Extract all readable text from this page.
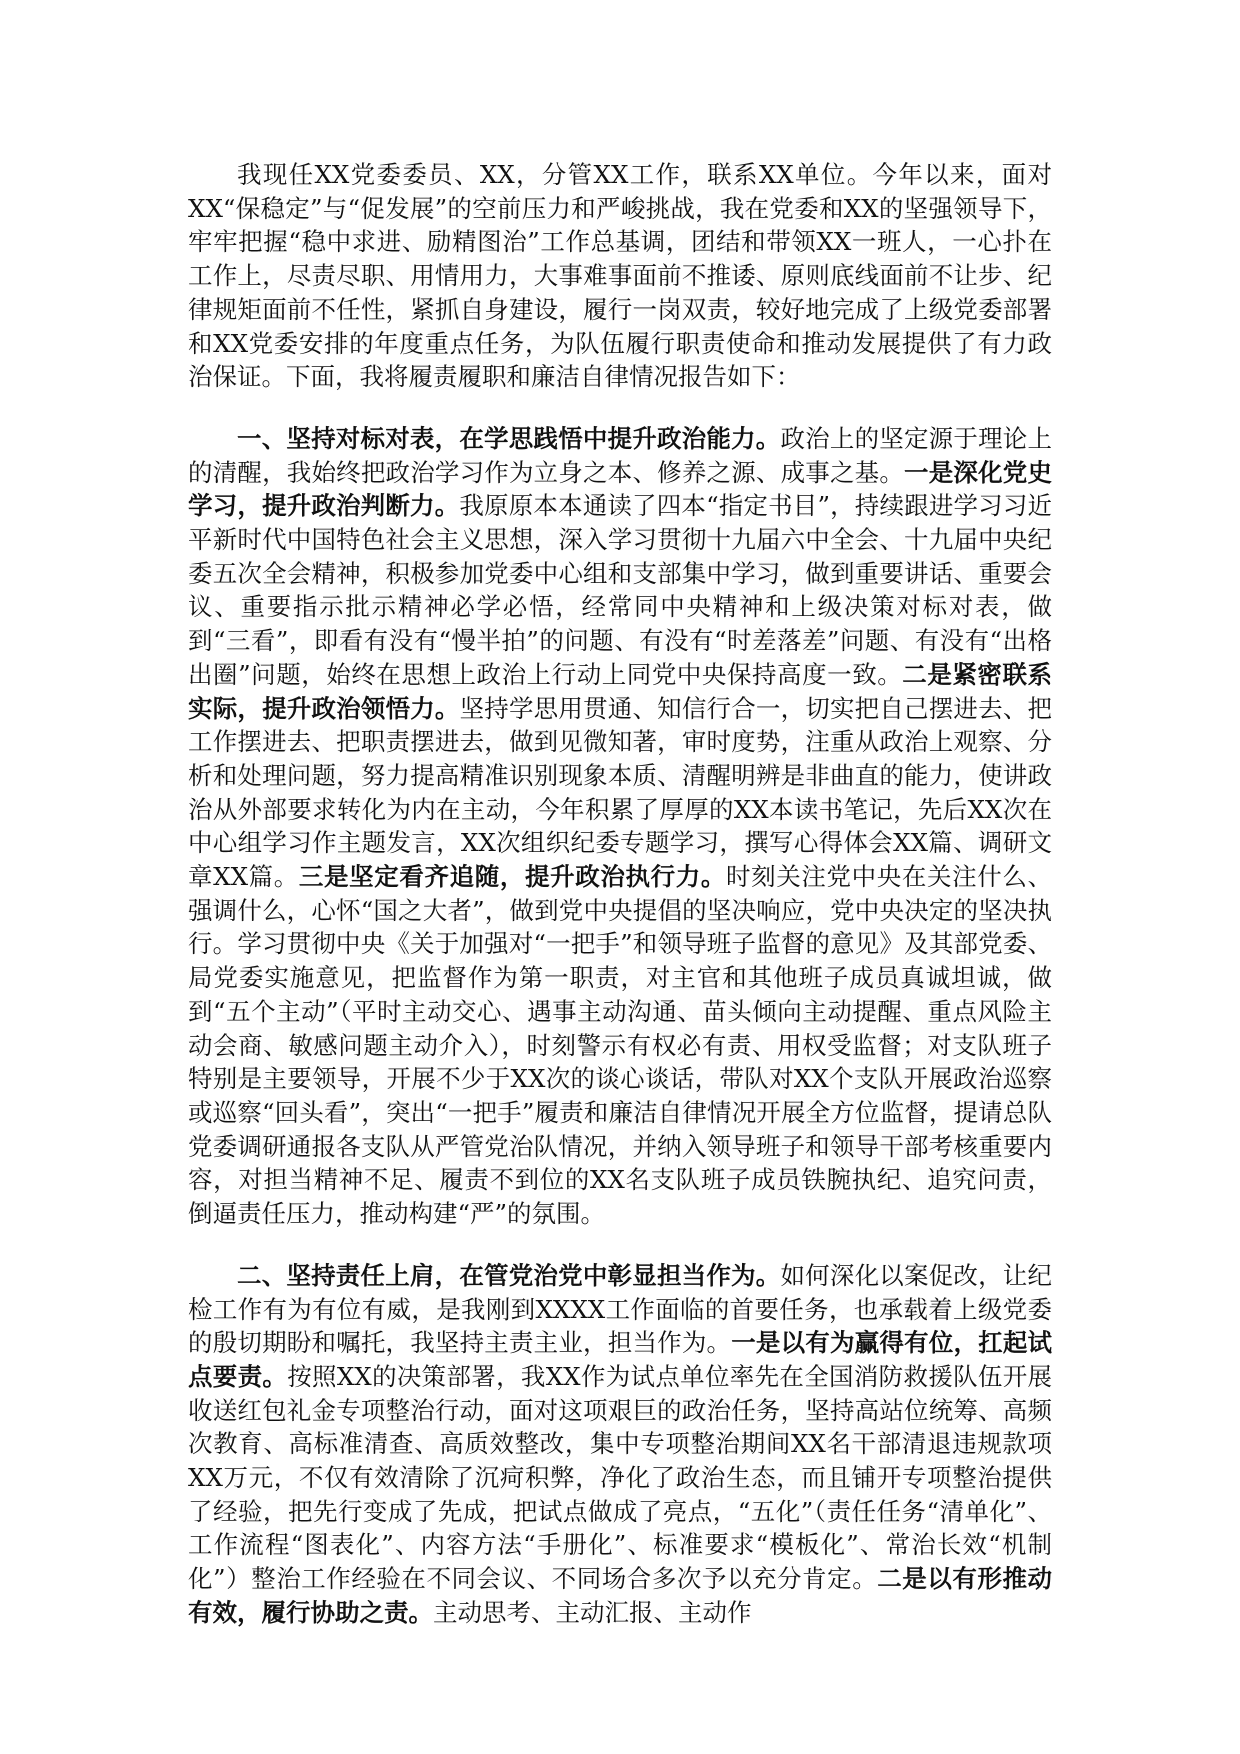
我现任XX党委委员、XX，分管XX工作，联系XX单位。今年以来，面对XX“保稳定”与“促发展”的空前压力和严峻挑战，我在党委和XX的坚强领导下，牢牢把握“稳中求进、励精图治”工作总基调，团结和带领XX一班人，一心扑在工作上，尽责尽职、用情用力，大事难事面前不推诿、原则底线面前不让步、纪律规矩面前不任性，紧抓自身建设，履行一岗双责，较好地完成了上级党委部署和XX党委安排的年度重点任务，为队伍履行职责使命和推动发展提供了有力政治保证。下面，我将履责履职和廉洁自律情况报告如下：

一、坚持对标对表，在学思践悟中提升政治能力。政治上的坚定源于理论上的清醒，我始终把政治学习作为立身之本、修养之源、成事之基。一是深化党史学习，提升政治判断力。我原原本本通读了四本“指定书目”，持续跟进学习习近平新时代中国特色社会主义思想，深入学习贯彻十九届六中全会、十九届中央纪委五次全会精神，积极参加党委中心组和支部集中学习，做到重要讲话、重要会议、重要指示批示精神必学必悟，经常同中央精神和上级决策对标对表，做到“三看”，即看有没有“慢半拍”的问题、有没有“时差落差”问题、有没有“出格出圈”问题，始终在思想上政治上行动上同党中央保持高度一致。二是紧密联系实际，提升政治领悟力。坚持学思用贯通、知信行合一，切实把自己摆进去、把工作摆进去、把职责摆进去，做到见微知著，审时度势，注重从政治上观察、分析和处理问题，努力提高精准识别现象本质、清醒明辨是非曲直的能力，使讲政治从外部要求转化为内在主动，今年积累了厚厚的XX本读书笔记，先后XX次在中心组学习作主题发言，XX次组织纪委专题学习，撰写心得体会XX篇、调研文章XX篇。三是坚定看齐追随，提升政治执行力。时刻关注党中央在关注什么、强调什么，心怀“国之大者”，做到党中央提倡的坚决响应，党中央决定的坚决执行。学习贯彻中央《关于加强对“一把手”和领导班子监督的意见》及其部党委、局党委实施意见，把监督作为第一职责，对主官和其他班子成员真诚坦诚，做到“五个主动”（平时主动交心、遇事主动沟通、苗头倾向主动提醒、重点风险主动会商、敏感问题主动介入），时刻警示有权必有责、用权受监督；对支队班子特别是主要领导，开展不少于XX次的谈心谈话，带队对XX个支队开展政治巡察或巡察“回头看”，突出“一把手”履责和廉洁自律情况开展全方位监督，提请总队党委调研通报各支队从严管党治队情况，并纳入领导班子和领导干部考核重要内容，对担当精神不足、履责不到位的XX名支队班子成员铁腕执纪、追究问责，倒逼责任压力，推动构建“严”的氛围。

二、坚持责任上肩，在管党治党中彰显担当作为。如何深化以案促改，让纪检工作有为有位有威，是我刚到XXXX工作面临的首要任务，也承载着上级党委的殷切期盼和嘱托，我坚持主责主业，担当作为。一是以有为赢得有位，扛起试点要责。按照XX的决策部署，我XX作为试点单位率先在全国消防救援队伍开展收送红包礼金专项整治行动，面对这项艰巨的政治任务，坚持高站位统筹、高频次教育、高标准清查、高质效整改，集中专项整治期间XX名干部清退违规款项XX万元，不仅有效清除了沉疴积弊，净化了政治生态，而且铺开专项整治提供了经验，把先行变成了先成，把试点做成了亮点，“五化”（责任任务“清单化”、工作流程“图表化”、内容方法“手册化”、标准要求“模板化”、常治长效“机制化”）整治工作经验在不同会议、不同场合多次予以充分肯定。二是以有形推动有效，履行协助之责。主动思考、主动汇报、主动作
